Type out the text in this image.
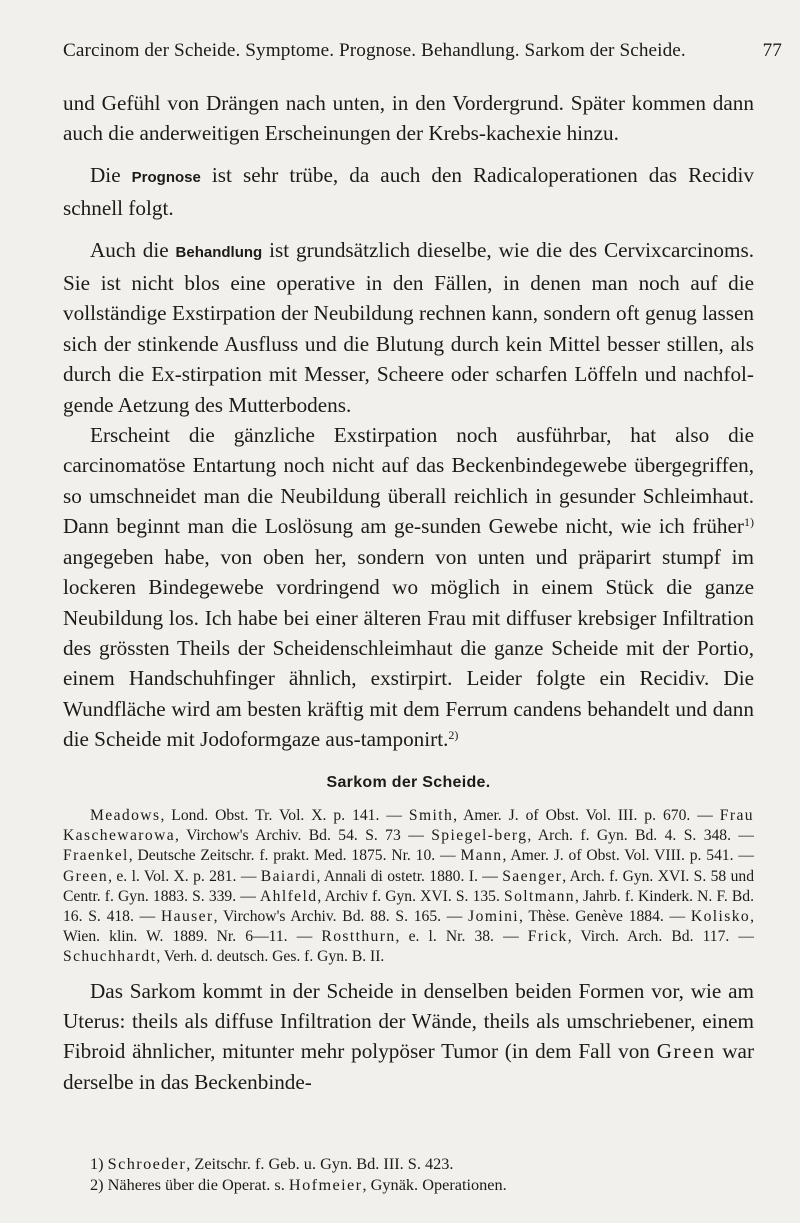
Carcinom der Scheide. Symptome. Prognose. Behandlung. Sarkom der Scheide.	77

und Gefühl von Drängen nach unten, in den Vordergrund. Später kommen dann auch die anderweitigen Erscheinungen der Krebs-kachexie hinzu.

Die Prognose ist sehr trübe, da auch den Radicaloperationen das Recidiv schnell folgt.

Auch die Behandlung ist grundsätzlich dieselbe, wie die des Cervixcarcinoms. Sie ist nicht blos eine operative in den Fällen, in denen man noch auf die vollständige Exstirpation der Neubildung rechnen kann, sondern oft genug lassen sich der stinkende Ausfluss und die Blutung durch kein Mittel besser stillen, als durch die Ex-stirpation mit Messer, Scheere oder scharfen Löffeln und nachfol-gende Aetzung des Mutterbodens.

Erscheint die gänzliche Exstirpation noch ausführbar, hat also die carcinomatöse Entartung noch nicht auf das Beckenbindegewebe übergegriffen, so umschneidet man die Neubildung überall reichlich in gesunder Schleimhaut. Dann beginnt man die Loslösung am ge-sunden Gewebe nicht, wie ich früher$^{1)}$ angegeben habe, von oben her, sondern von unten und präparirt stumpf im lockeren Bindegewebe vordringend wo möglich in einem Stück die ganze Neubildung los. Ich habe bei einer älteren Frau mit diffuser krebsiger Infiltration des grössten Theils der Scheidenschleimhaut die ganze Scheide mit der Portio, einem Handschuhfinger ähnlich, exstirpirt. Leider folgte ein Recidiv. Die Wundfläche wird am besten kräftig mit dem Ferrum candens behandelt und dann die Scheide mit Jodoformgaze aus-tamponirt.$^{2)}$

Sarkom der Scheide.
Meadows, Lond. Obst. Tr. Vol. X. p. 141. — Smith, Amer. J. of Obst. Vol. III. p. 670. — Frau Kaschewarowa, Virchow's Archiv. Bd. 54. S. 73 — Spiegel-berg, Arch. f. Gyn. Bd. 4. S. 348. — Fraenkel, Deutsche Zeitschr. f. prakt. Med. 1875. Nr. 10. — Mann, Amer. J. of Obst. Vol. VIII. p. 541. — Green, e. l. Vol. X. p. 281. — Baiardi, Annali di ostetr. 1880. I. — Saenger, Arch. f. Gyn. XVI. S. 58 und Centr. f. Gyn. 1883. S. 339. — Ahlfeld, Archiv f. Gyn. XVI. S. 135. Soltmann, Jahrb. f. Kinderk. N. F. Bd. 16. S. 418. — Hauser, Virchow's Archiv. Bd. 88. S. 165. — Jomini, Thèse. Genève 1884. — Kolisko, Wien. klin. W. 1889. Nr. 6—11. — Rostthurn, e. l. Nr. 38. — Frick, Virch. Arch. Bd. 117. — Schuchhardt, Verh. d. deutsch. Ges. f. Gyn. B. II.

Das Sarkom kommt in der Scheide in denselben beiden Formen vor, wie am Uterus: theils als diffuse Infiltration der Wände, theils als umschriebener, einem Fibroid ähnlicher, mitunter mehr polypöser Tumor (in dem Fall von Green war derselbe in das Beckenbinde-

1) Schroeder, Zeitschr. f. Geb. u. Gyn. Bd. III. S. 423.
2) Näheres über die Operat. s. Hofmeier, Gynäk. Operationen.
